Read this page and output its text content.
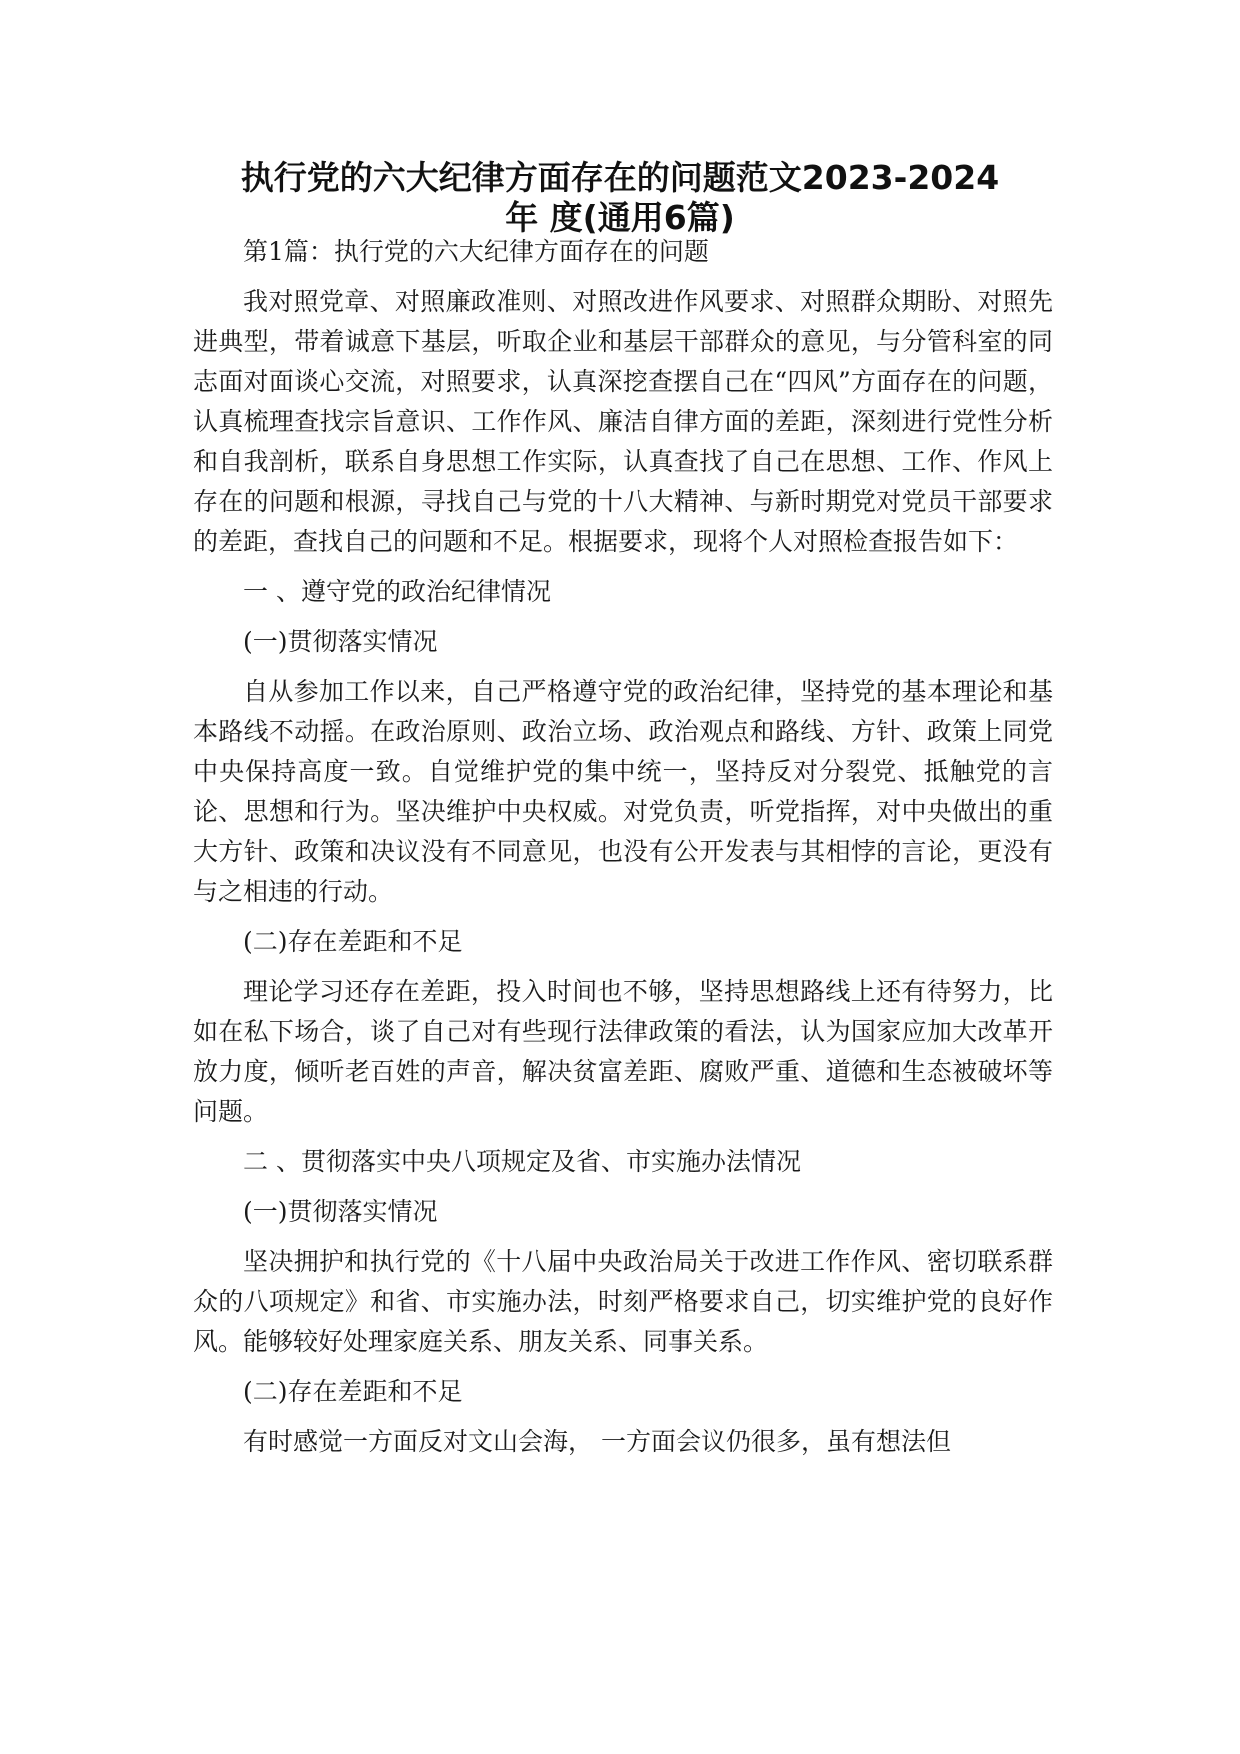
执行党的六大纪律方面存在的问题范文2023-2024
年 度(通用6篇)

第1篇：执行党的六大纪律方面存在的问题

我对照党章、对照廉政准则、对照改进作风要求、对照群众期盼、对照先进典型，带着诚意下基层，听取企业和基层干部群众的意见，与分管科室的同志面对面谈心交流，对照要求，认真深挖查摆自己在“四风”方面存在的问题，认真梳理查找宗旨意识、工作作风、廉洁自律方面的差距，深刻进行党性分析和自我剖析，联系自身思想工作实际，认真查找了自己在思想、工作、作风上存在的问题和根源，寻找自己与党的十八大精神、与新时期党对党员干部要求的差距，查找自己的问题和不足。根据要求，现将个人对照检查报告如下：

一 、遵守党的政治纪律情况

(一)贯彻落实情况

自从参加工作以来，自己严格遵守党的政治纪律，坚持党的基本理论和基本路线不动摇。在政治原则、政治立场、政治观点和路线、方针、政策上同党中央保持高度一致。自觉维护党的集中统一，坚持反对分裂党、抵触党的言论、思想和行为。坚决维护中央权威。对党负责，听党指挥，对中央做出的重大方针、政策和决议没有不同意见，也没有公开发表与其相悖的言论，更没有与之相违的行动。

(二)存在差距和不足

理论学习还存在差距，投入时间也不够，坚持思想路线上还有待努力，比如在私下场合，谈了自己对有些现行法律政策的看法，认为国家应加大改革开放力度，倾听老百姓的声音，解决贫富差距、腐败严重、道德和生态被破坏等问题。

二 、贯彻落实中央八项规定及省、市实施办法情况

(一)贯彻落实情况

坚决拥护和执行党的《十八届中央政治局关于改进工作作风、密切联系群众的八项规定》和省、市实施办法，时刻严格要求自己，切实维护党的良好作风。能够较好处理家庭关系、朋友关系、同事关系。

(二)存在差距和不足

有时感觉一方面反对文山会海， 一方面会议仍很多，虽有想法但
